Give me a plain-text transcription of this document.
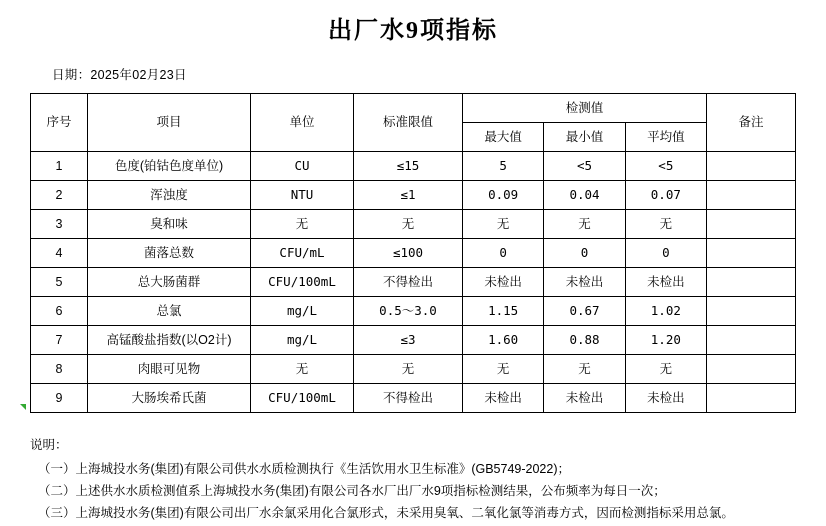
出厂水9项指标
日期：2025年02月23日
序号	项目	单位	标准限值	检测值			备注
				最大值	最小值	平均值	
1	色度(铂钴色度单位)	CU	≤15	5	<5	<5	
2	浑浊度	NTU	≤1	0.09	0.04	0.07	
3	臭和味	无	无	无	无	无	
4	菌落总数	CFU/mL	≤100	0	0	0	
5	总大肠菌群	CFU/100mL	不得检出	未检出	未检出	未检出	
6	总氯	mg/L	0.5～3.0	1.15	0.67	1.02	
7	高锰酸盐指数(以O2计)	mg/L	≤3	1.60	0.88	1.20	
8	肉眼可见物	无	无	无	无	无	
9	大肠埃希氏菌	CFU/100mL	不得检出	未检出	未检出	未检出	
说明：
（一）上海城投水务(集团)有限公司供水水质检测执行《生活饮用水卫生标准》(GB5749-2022)；
（二）上述供水水质检测值系上海城投水务(集团)有限公司各水厂出厂水9项指标检测结果，公布频率为每日一次；
（三）上海城投水务(集团)有限公司出厂水余氯采用化合氯形式，未采用臭氧、二氧化氯等消毒方式，因而检测指标采用总氯。
